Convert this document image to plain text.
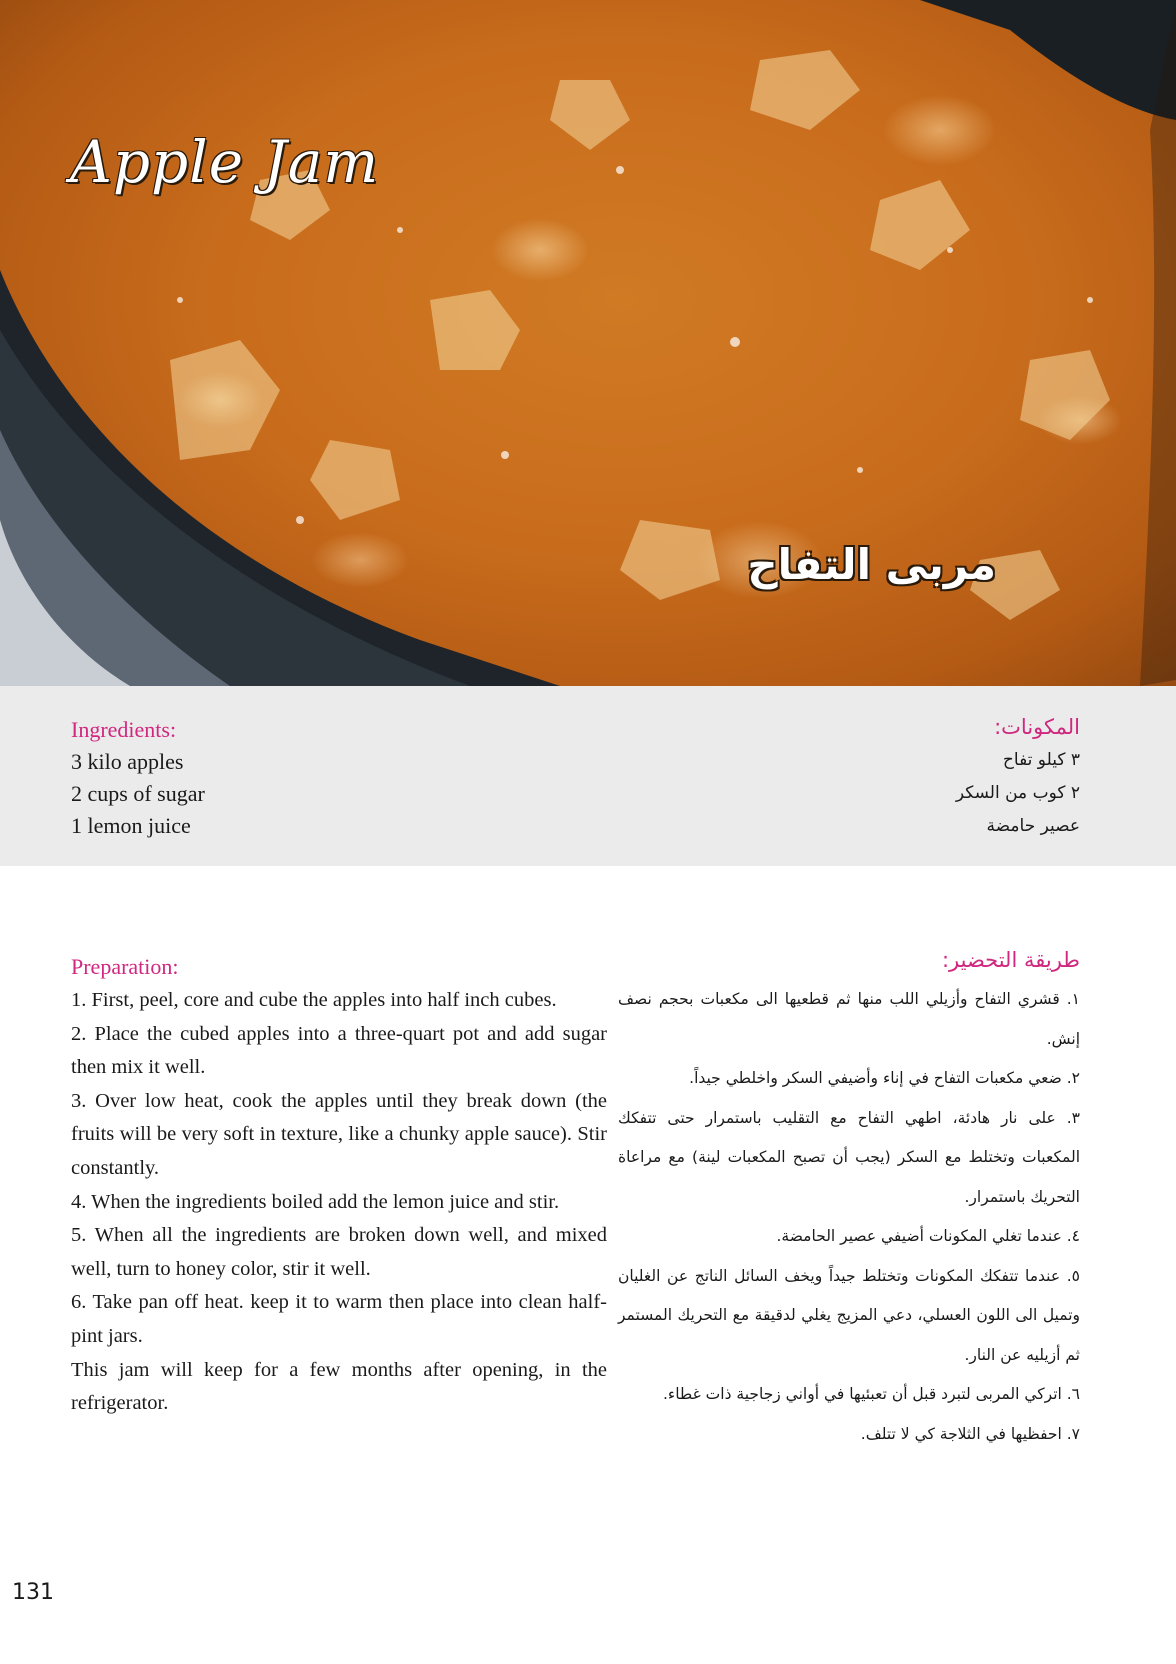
Apple Jam
مربى التفاح
Ingredients:
3 kilo apples
2 cups of sugar
1 lemon juice
المكونات:
٣ كيلو تفاح
٢ كوب من السكر
عصير حامضة
Preparation:

1. First, peel, core and cube the apples into half inch cubes.

2. Place the cubed apples into a three-quart pot and add sugar then mix it well.

3. Over low heat, cook the apples until they break down (the fruits will be very soft in texture, like a chunky apple sauce). Stir constantly.

4. When the ingredients boiled add the lemon juice and stir.

5. When all the ingredients are broken down well, and mixed well, turn to honey color, stir it well.

6. Take pan off heat. keep it to warm then place into clean half-pint jars.

This jam will keep for a few months after opening, in the refrigerator.

طريقة التحضير:

١. قشري التفاح وأزيلي اللب منها ثم قطعيها الى مكعبات بحجم نصف إنش.

٢. ضعي مكعبات التفاح في إناء وأضيفي السكر واخلطي جيداً.

٣. على نار هادئة، اطهي التفاح مع التقليب باستمرار حتى تتفكك المكعبات وتختلط مع السكر (يجب أن تصبح المكعبات لينة) مع مراعاة التحريك باستمرار.

٤. عندما تغلي المكونات أضيفي عصير الحامضة.

٥. عندما تتفكك المكونات وتختلط جيداً ويخف السائل الناتج عن الغليان وتميل الى اللون العسلي، دعي المزيج يغلي لدقيقة مع التحريك المستمر ثم أزيليه عن النار.

٦. اتركي المربى لتبرد قبل أن تعبئيها في أواني زجاجية ذات غطاء.

٧. احفظيها في الثلاجة كي لا تتلف.

131
